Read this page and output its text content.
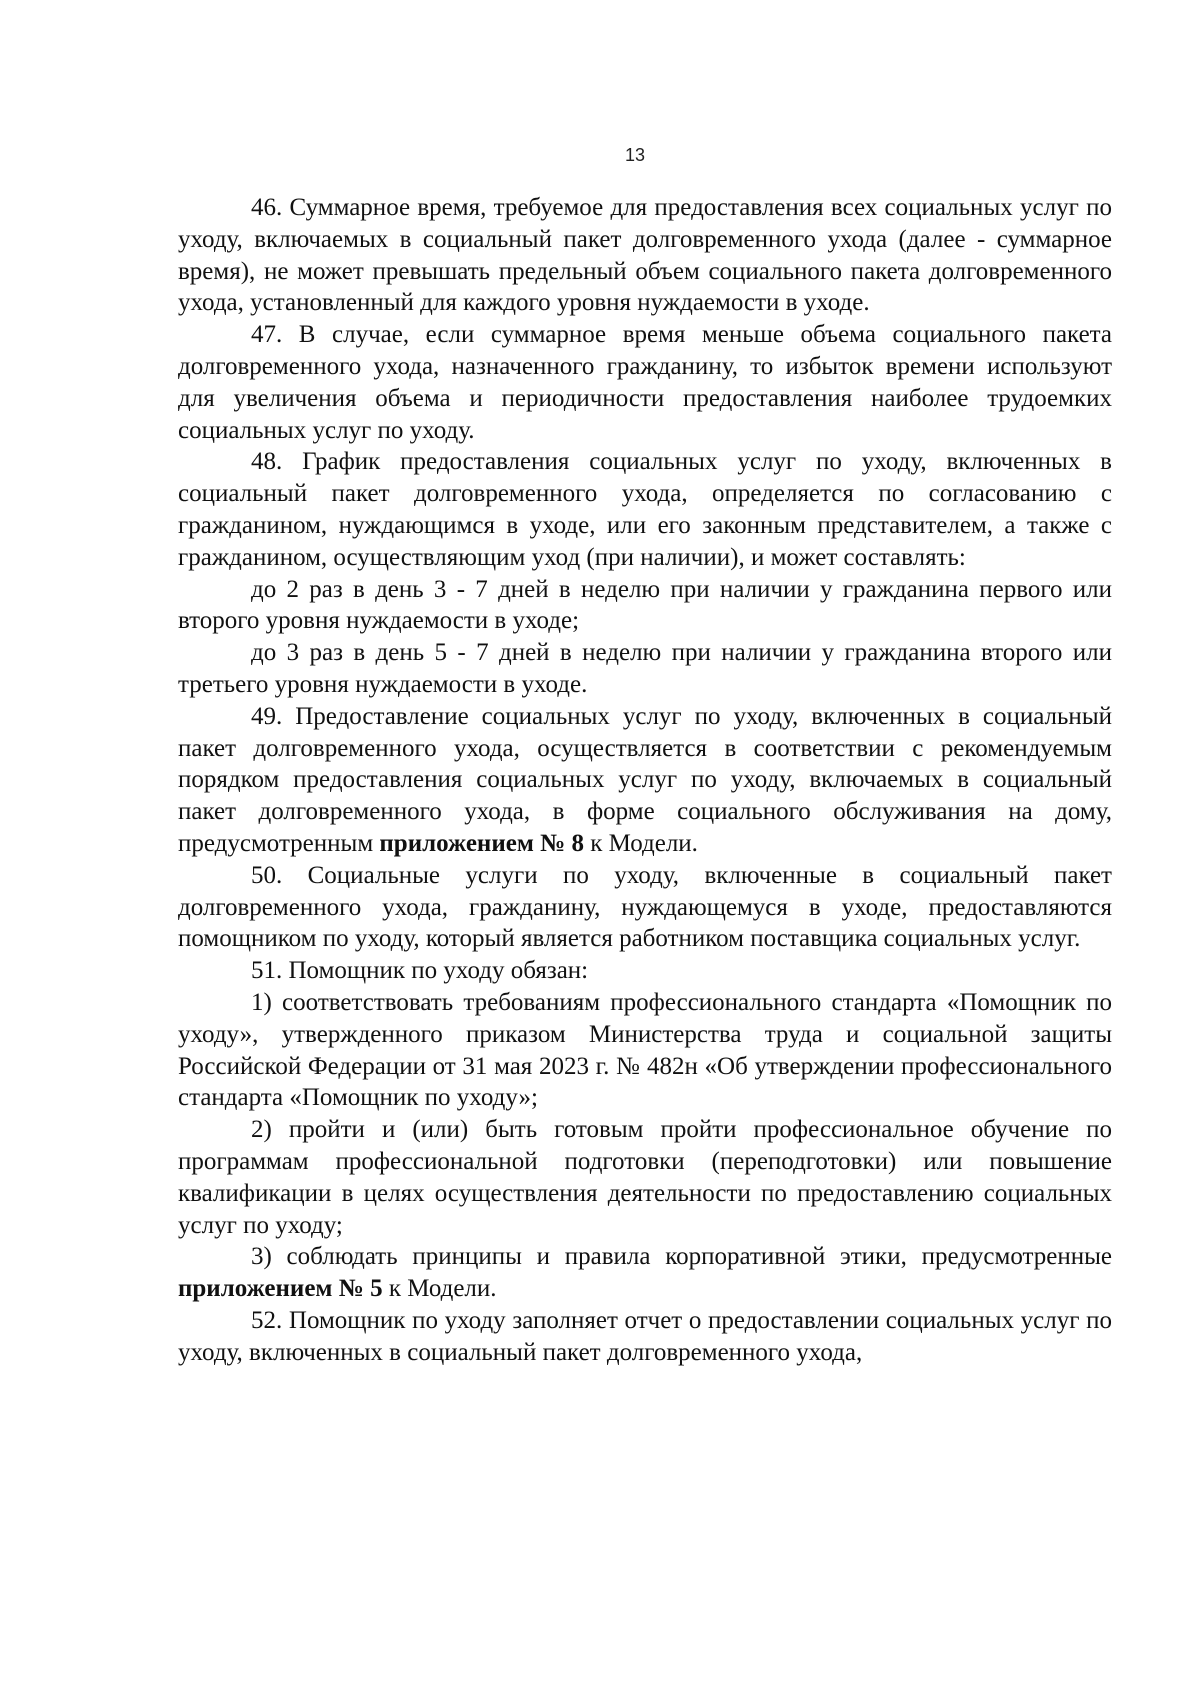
13

46. Суммарное время, требуемое для предоставления всех социальных услуг по уходу, включаемых в социальный пакет долговременного ухода (далее - суммарное время), не может превышать предельный объем социального пакета долговременного ухода, установленный для каждого уровня нуждаемости в уходе.

47. В случае, если суммарное время меньше объема социального пакета долговременного ухода, назначенного гражданину, то избыток времени используют для увеличения объема и периодичности предоставления наиболее трудоемких социальных услуг по уходу.

48. График предоставления социальных услуг по уходу, включенных в социальный пакет долговременного ухода, определяется по согласованию с гражданином, нуждающимся в уходе, или его законным представителем, а также с гражданином, осуществляющим уход (при наличии), и может составлять:

до 2 раз в день 3 - 7 дней в неделю при наличии у гражданина первого или второго уровня нуждаемости в уходе;

до 3 раз в день 5 - 7 дней в неделю при наличии у гражданина второго или третьего уровня нуждаемости в уходе.

49. Предоставление социальных услуг по уходу, включенных в социальный пакет долговременного ухода, осуществляется в соответствии с рекомендуемым порядком предоставления социальных услуг по уходу, включаемых в социальный пакет долговременного ухода, в форме социального обслуживания на дому, предусмотренным приложением № 8 к Модели.

50. Социальные услуги по уходу, включенные в социальный пакет долговременного ухода, гражданину, нуждающемуся в уходе, предоставляются помощником по уходу, который является работником поставщика социальных услуг.

51. Помощник по уходу обязан:

1) соответствовать требованиям профессионального стандарта «Помощник по уходу», утвержденного приказом Министерства труда и социальной защиты Российской Федерации от 31 мая 2023 г. № 482н «Об утверждении профессионального стандарта «Помощник по уходу»;

2) пройти и (или) быть готовым пройти профессиональное обучение по программам профессиональной подготовки (переподготовки) или повышение квалификации в целях осуществления деятельности по предоставлению социальных услуг по уходу;

3) соблюдать принципы и правила корпоративной этики, предусмотренные приложением № 5 к Модели.

52. Помощник по уходу заполняет отчет о предоставлении социальных услуг по уходу, включенных в социальный пакет долговременного ухода,
